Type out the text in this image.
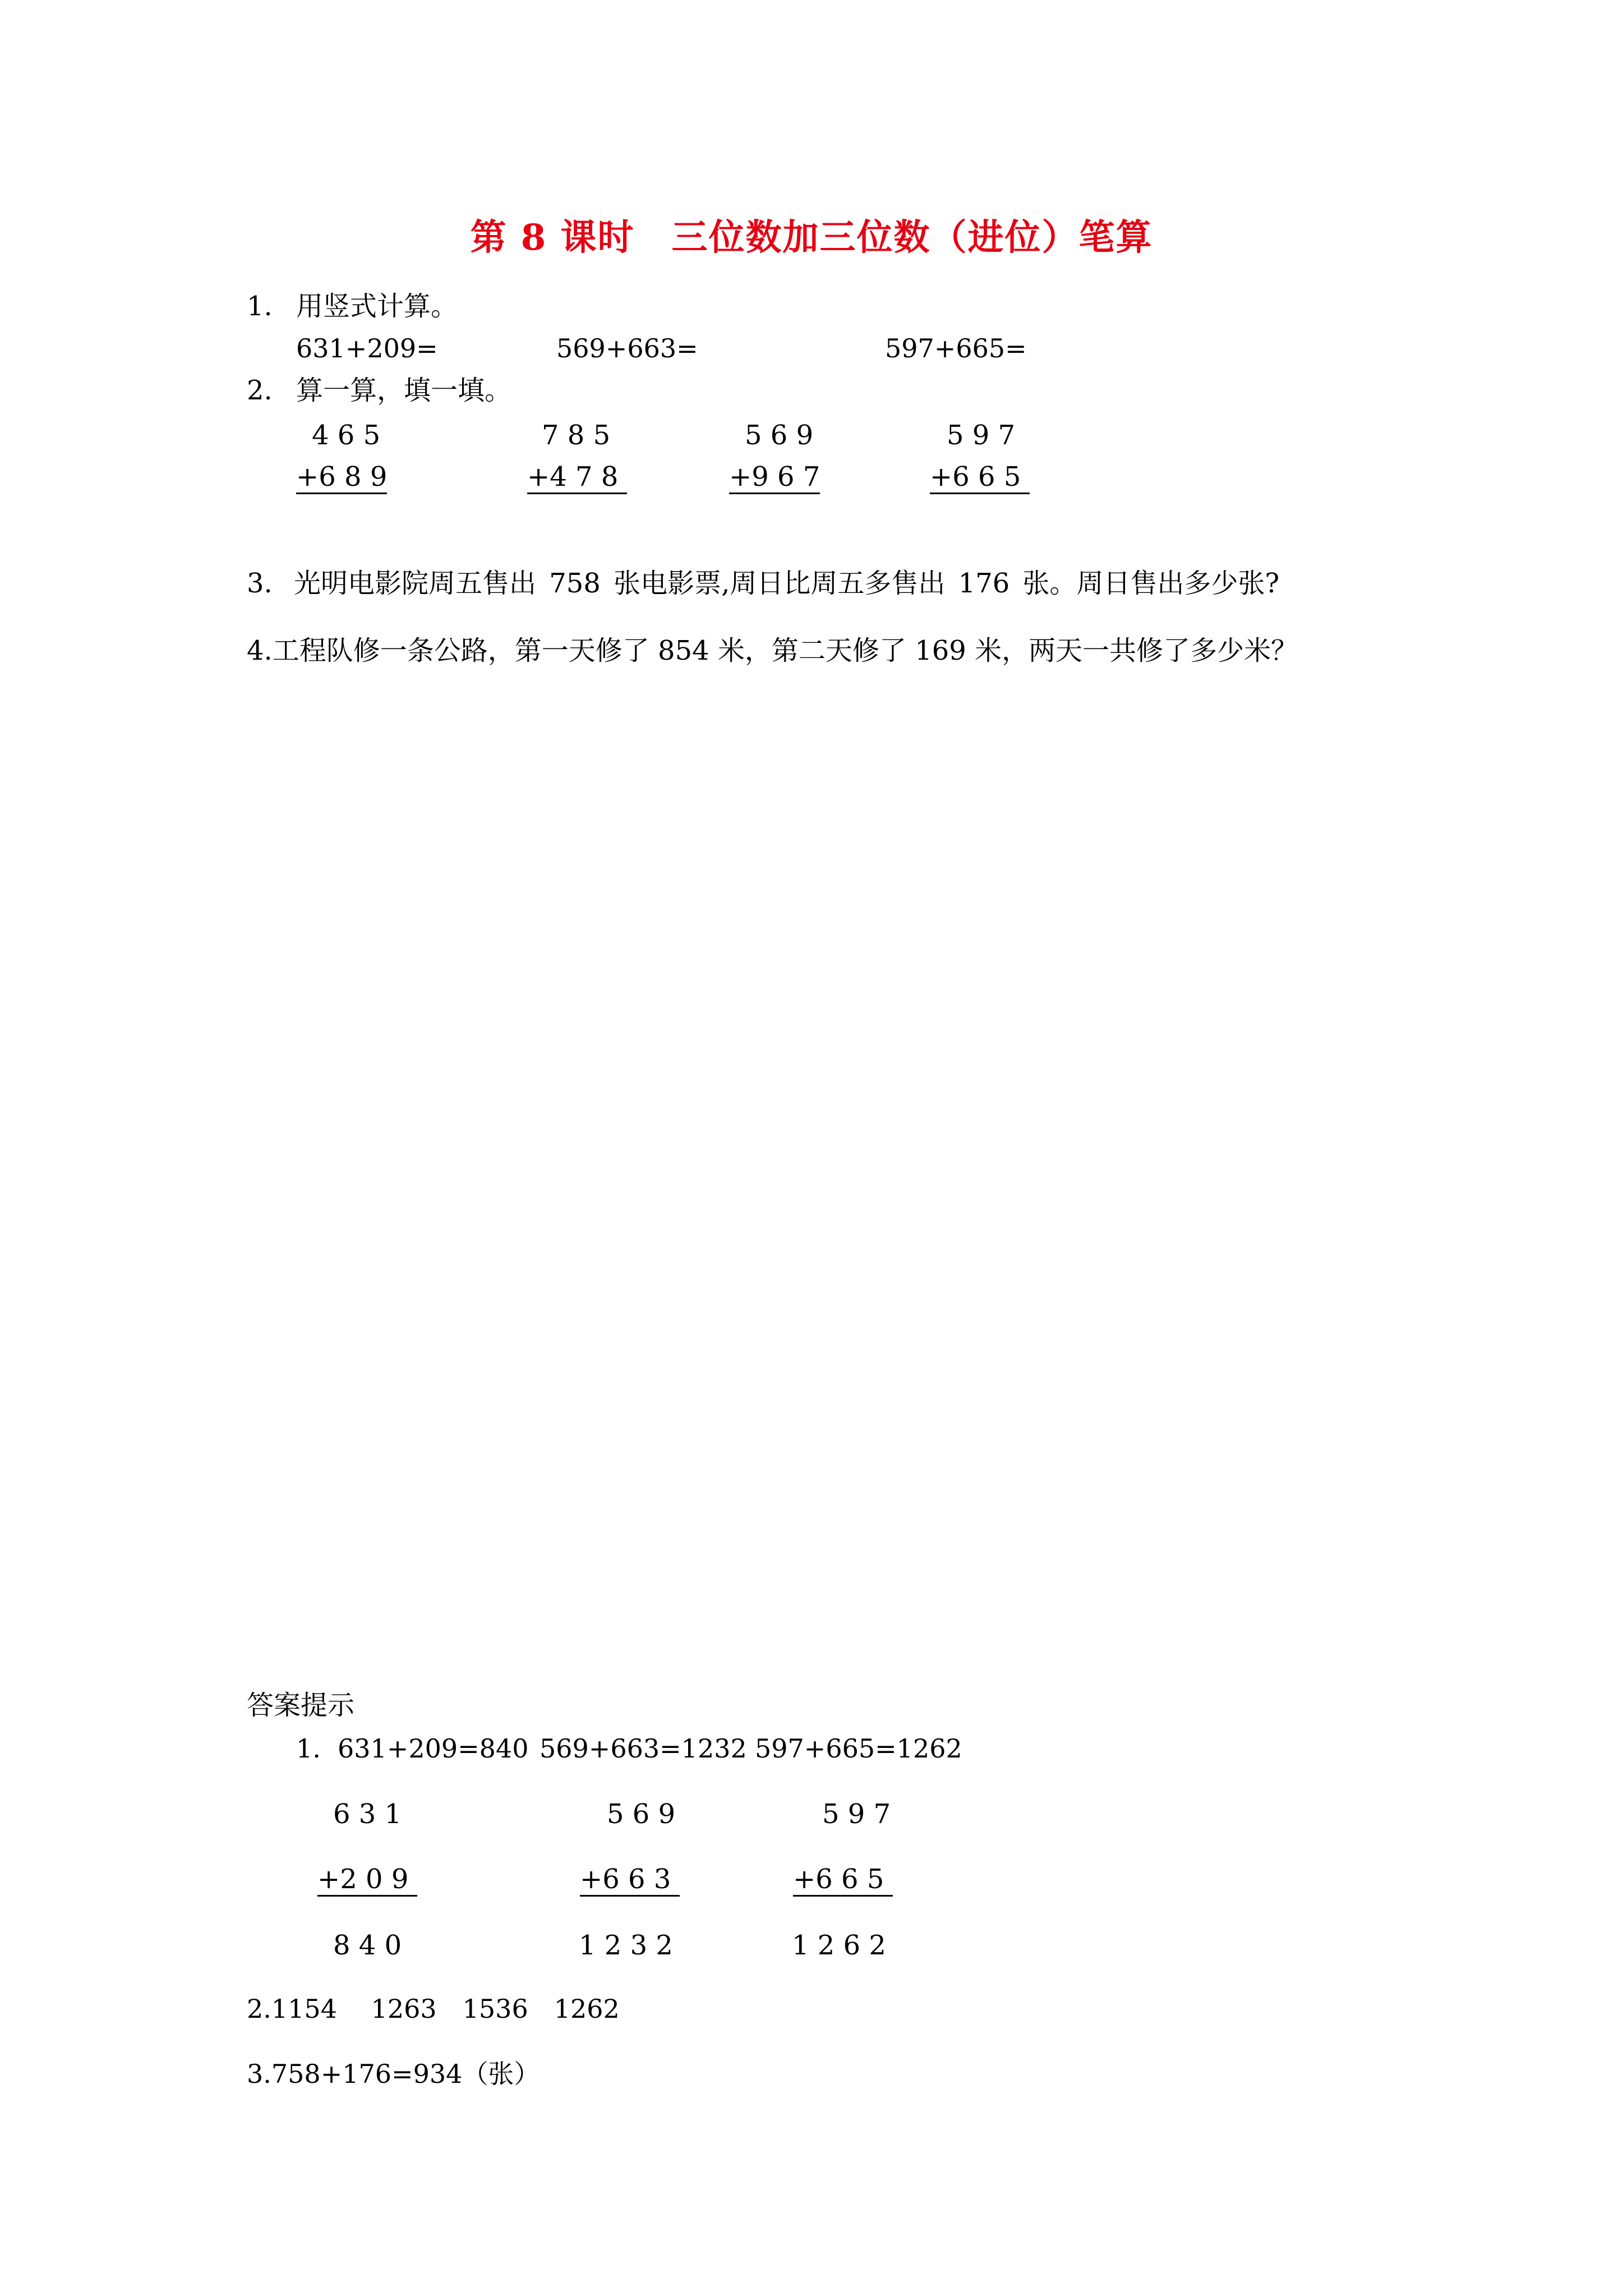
第 8 课时　三位数加三位数（进位）笔算
1. 用竖式计算。
631+209=	569+663=	597+665=
2. 算一算，填一填。
4 6 5
+6 8 9
7 8 5
+4 7 8
5 6 9
+9 6 7
5 9 7
+6 6 5
3. 光明电影院周五售出 758 张电影票,周日比周五多售出 176 张。周日售出多少张?
4.工程队修一条公路，第一天修了 854 米，第二天修了 169 米，两天一共修了多少米？
答案提示
1. 631+209=840 569+663=1232 597+665=1262
6 3 1
+2 0 9
8 4 0
5 6 9
+6 6 3
1 2 3 2
5 9 7
+6 6 5
1 2 6 2
2.1154　 1263　1536　1262
3.758+176=934（张）
